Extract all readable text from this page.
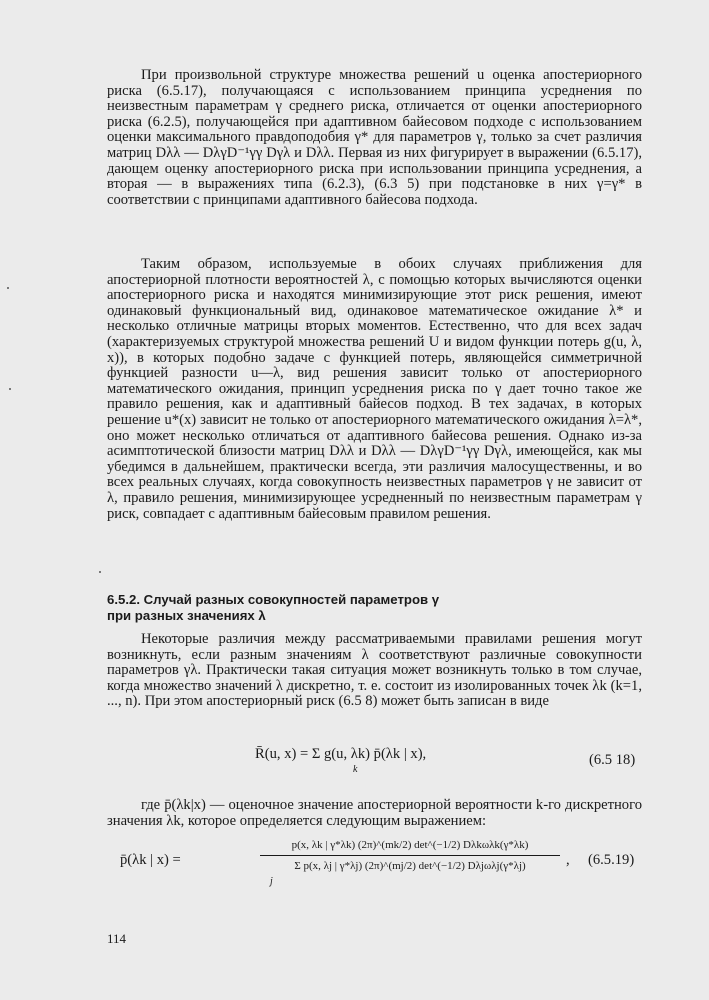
При произвольной структуре множества решений u оценка апостериорного риска (6.5.17), получающаяся с использованием принципа усреднения по неизвестным параметрам γ среднего риска, отличается от оценки апостериорного риска (6.2.5), получающейся при адаптивном байесовом подходе с использованием оценки максимального правдоподобия γ* для параметров γ, только за счет различия матриц Dλλ — DλγD⁻¹γγ Dγλ и Dλλ. Первая из них фигурирует в выражении (6.5.17), дающем оценку апостериорного риска при использовании принципа усреднения, а вторая — в выражениях типа (6.2.3), (6.3 5) при подстановке в них γ=γ* в соответствии с принципами адаптивного байесова подхода.

Таким образом, используемые в обоих случаях приближения для апостериорной плотности вероятностей λ, с помощью которых вычисляются оценки апостериорного риска и находятся минимизирующие этот риск решения, имеют одинаковый функциональный вид, одинаковое математическое ожидание λ* и несколько отличные матрицы вторых моментов. Естественно, что для всех задач (характеризуемых структурой множества решений U и видом функции потерь g(u, λ, x)), в которых подобно задаче с функцией потерь, являющейся симметричной функцией разности u—λ, вид решения зависит только от апостериорного математического ожидания, принцип усреднения риска по γ дает точно такое же правило решения, как и адаптивный байесов подход. В тех задачах, в которых решение u*(x) зависит не только от апостериорного математического ожидания λ=λ*, оно может несколько отличаться от адаптивного байесова решения. Однако из-за асимптотической близости матриц Dλλ и Dλλ — DλγD⁻¹γγ Dγλ, имеющейся, как мы убедимся в дальнейшем, практически всегда, эти различия малосущественны, и во всех реальных случаях, когда совокупность неизвестных параметров γ не зависит от λ, правило решения, минимизирующее усредненный по неизвестным параметрам γ риск, совпадает с адаптивным байесовым правилом решения.

6.5.2. Случай разных совокупностей параметров γ
при разных значениях λ

Некоторые различия между рассматриваемыми правилами решения могут возникнуть, если разным значениям λ соответствуют различные совокупности параметров γλ. Практически такая ситуация может возникнуть только в том случае, когда множество значений λ дискретно, т. е. состоит из изолированных точек λk (k=1, ..., n). При этом апостериорный риск (6.5 8) может быть записан в виде

R̄(u, x) = Σ g(u, λk) p̄(λk | x),
k
(6.5 18)

где p̄(λk|x) — оценочное значение апостериорной вероятности k-го дискретного значения λk, которое определяется следующим выражением:

p̄(λk | x) =
p(x, λk | γ*λk) (2π)^(mk/2) det^(−1/2) Dλkωλk(γ*λk)
Σ p(x, λj | γ*λj) (2π)^(mj/2) det^(−1/2) Dλjωλj(γ*λj)
j
, (6.5.19)
114
